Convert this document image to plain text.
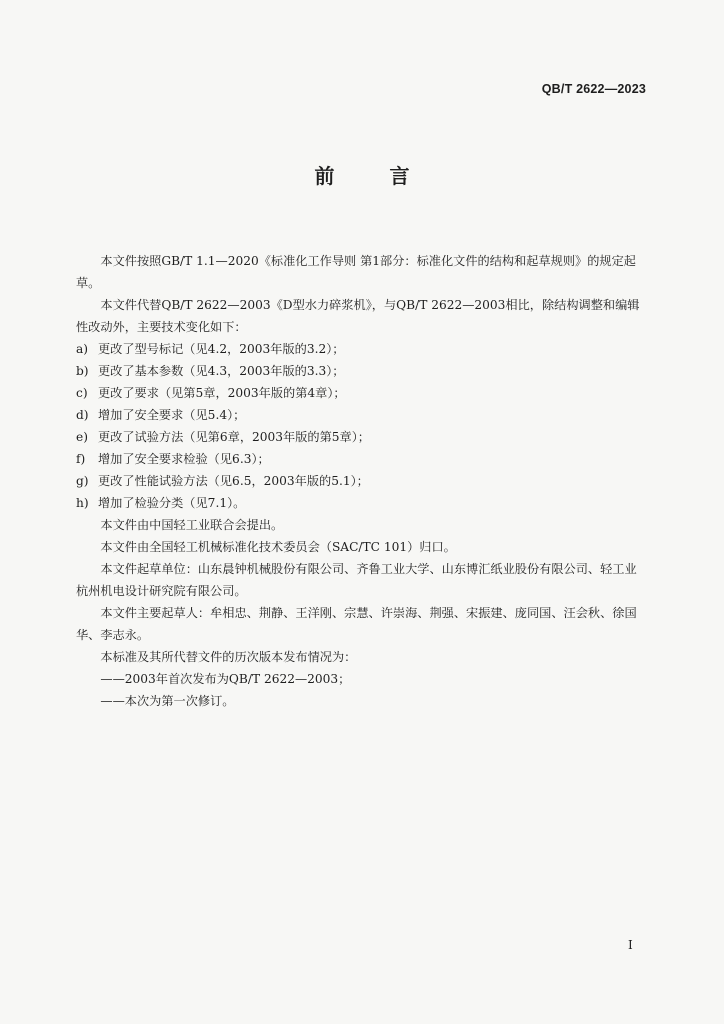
QB/T 2622—2023
前 言

本文件按照GB/T 1.1—2020《标准化工作导则 第1部分：标准化文件的结构和起草规则》的规定起草。

本文件代替QB/T 2622—2003《D型水力碎浆机》，与QB/T 2622—2003相比，除结构调整和编辑性改动外，主要技术变化如下：

a) 更改了型号标记（见4.2，2003年版的3.2）；
b) 更改了基本参数（见4.3，2003年版的3.3）；
c) 更改了要求（见第5章，2003年版的第4章）；
d) 增加了安全要求（见5.4）；
e) 更改了试验方法（见第6章，2003年版的第5章）；
f)	增加了安全要求检验（见6.3）；
g) 更改了性能试验方法（见6.5，2003年版的5.1）；
h) 增加了检验分类（见7.1）。

本文件由中国轻工业联合会提出。

本文件由全国轻工机械标准化技术委员会（SAC/TC 101）归口。

本文件起草单位：山东晨钟机械股份有限公司、齐鲁工业大学、山东博汇纸业股份有限公司、轻工业杭州机电设计研究院有限公司。

本文件主要起草人：牟相忠、荆静、王洋刚、宗慧、许崇海、荆强、宋振建、庞同国、汪会秋、徐国华、李志永。

本标准及其所代替文件的历次版本发布情况为：

——2003年首次发布为QB/T 2622—2003；

——本次为第一次修订。

I
